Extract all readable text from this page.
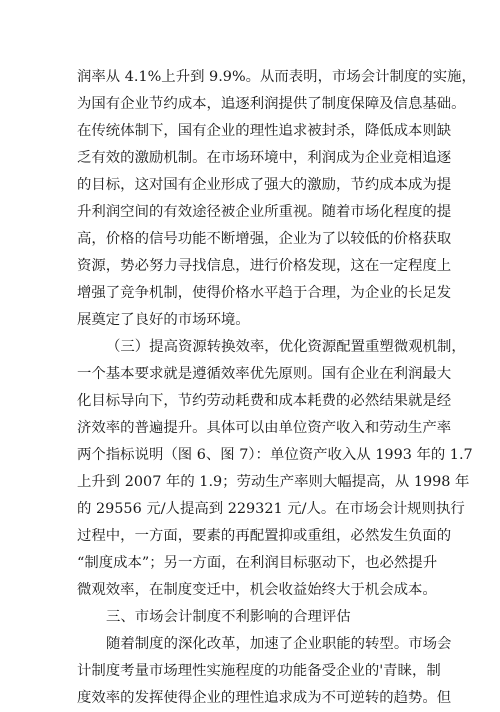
润率从 4.1%上升到 9.9%。从而表明，市场会计制度的实施，
为国有企业节约成本，追逐利润提供了制度保障及信息基础。
在传统体制下，国有企业的理性追求被封杀，降低成本则缺
乏有效的激励机制。在市场环境中，利润成为企业竞相追逐
的目标，这对国有企业形成了强大的激励，节约成本成为提
升利润空间的有效途径被企业所重视。随着市场化程度的提
高，价格的信号功能不断增强，企业为了以较低的价格获取
资源，势必努力寻找信息，进行价格发现，这在一定程度上
增强了竞争机制，使得价格水平趋于合理，为企业的长足发
展奠定了良好的市场环境。
（三）提高资源转换效率，优化资源配置重塑微观机制，
一个基本要求就是遵循效率优先原则。国有企业在利润最大
化目标导向下，节约劳动耗费和成本耗费的必然结果就是经
济效率的普遍提升。具体可以由单位资产收入和劳动生产率
两个指标说明（图 6、图 7）：单位资产收入从 1993 年的 1.7
上升到 2007 年的 1.9；劳动生产率则大幅提高，从 1998 年
的 29556 元/人提高到 229321 元/人。在市场会计规则执行
过程中，一方面，要素的再配置抑或重组，必然发生负面的
“制度成本”；另一方面，在利润目标驱动下，也必然提升
微观效率，在制度变迁中，机会收益始终大于机会成本。
三、市场会计制度不利影响的合理评估
随着制度的深化改革，加速了企业职能的转型。市场会
计制度考量市场理性实施程度的功能备受企业的'青睐，制
度效率的发挥使得企业的理性追求成为不可逆转的趋势。但
